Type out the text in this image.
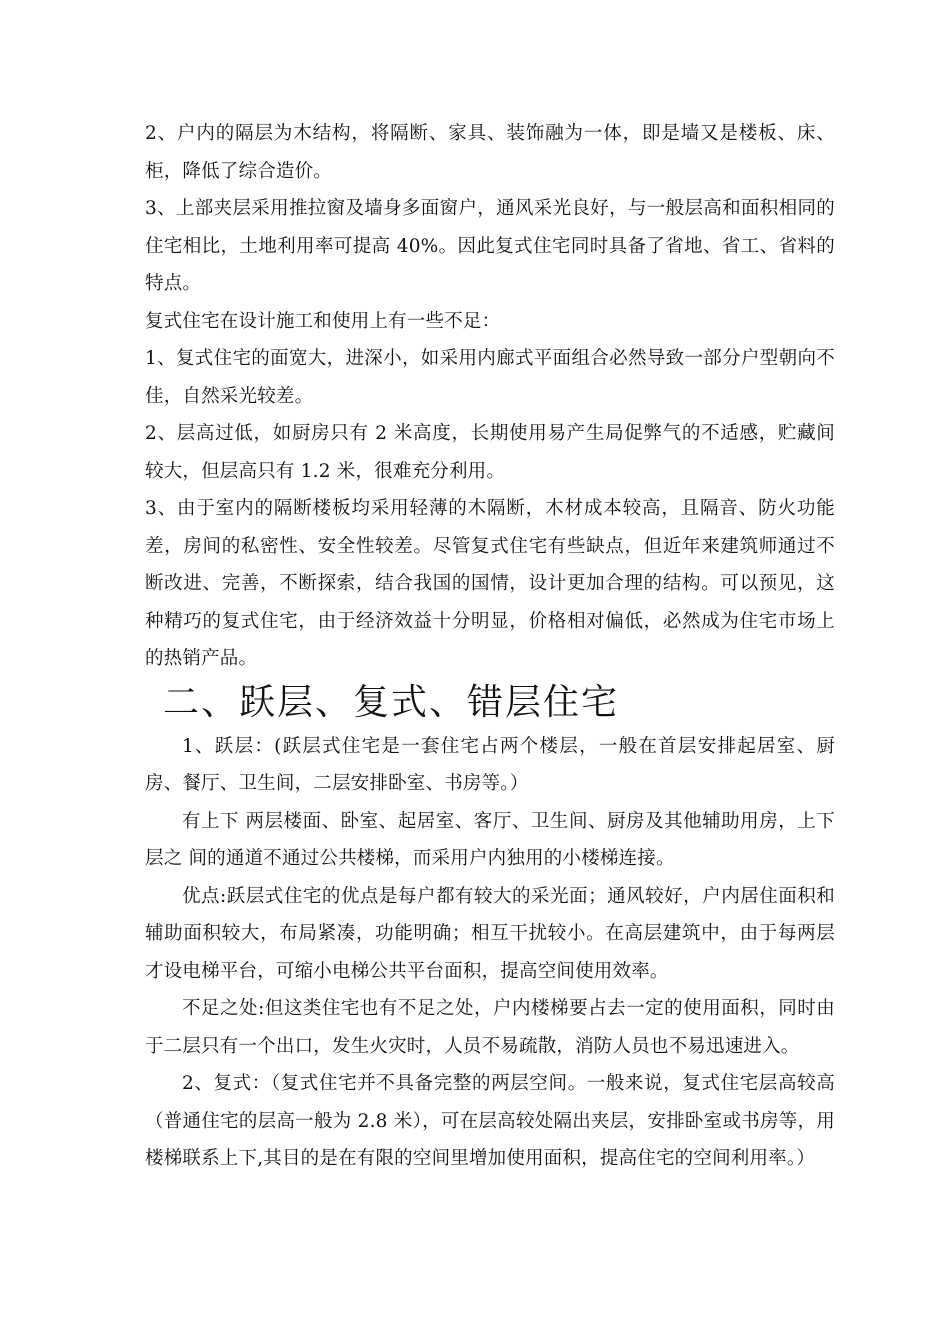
2、户内的隔层为木结构，将隔断、家具、装饰融为一体，即是墙又是楼板、床、柜，降低了综合造价。

3、上部夹层采用推拉窗及墙身多面窗户，通风采光良好，与一般层高和面积相同的住宅相比，土地利用率可提高 40%。因此复式住宅同时具备了省地、省工、省料的特点。

复式住宅在设计施工和使用上有一些不足：

1、复式住宅的面宽大，进深小，如采用内廊式平面组合必然导致一部分户型朝向不佳，自然采光较差。

2、层高过低，如厨房只有 2 米高度，长期使用易产生局促弊气的不适感，贮藏间较大，但层高只有 1.2 米，很难充分利用。

3、由于室内的隔断楼板均采用轻薄的木隔断，木材成本较高，且隔音、防火功能差，房间的私密性、安全性较差。尽管复式住宅有些缺点，但近年来建筑师通过不断改进、完善，不断探索，结合我国的国情，设计更加合理的结构。可以预见，这种精巧的复式住宅，由于经济效益十分明显，价格相对偏低，必然成为住宅市场上的热销产品。

二、跃层、复式、错层住宅

1、跃层：(跃层式住宅是一套住宅占两个楼层，一般在首层安排起居室、厨房、餐厅、卫生间，二层安排卧室、书房等。）

有上下 两层楼面、卧室、起居室、客厅、卫生间、厨房及其他辅助用房，上下层之 间的通道不通过公共楼梯，而采用户内独用的小楼梯连接。

优点:跃层式住宅的优点是每户都有较大的采光面；通风较好，户内居住面积和辅助面积较大，布局紧凑，功能明确；相互干扰较小。在高层建筑中，由于每两层才设电梯平台，可缩小电梯公共平台面积，提高空间使用效率。

不足之处:但这类住宅也有不足之处，户内楼梯要占去一定的使用面积，同时由于二层只有一个出口，发生火灾时，人员不易疏散，消防人员也不易迅速进入。

2、复式：（复式住宅并不具备完整的两层空间。一般来说，复式住宅层高较高（普通住宅的层高一般为 2.8 米），可在层高较处隔出夹层，安排卧室或书房等，用楼梯联系上下,其目的是在有限的空间里增加使用面积，提高住宅的空间利用率。）
